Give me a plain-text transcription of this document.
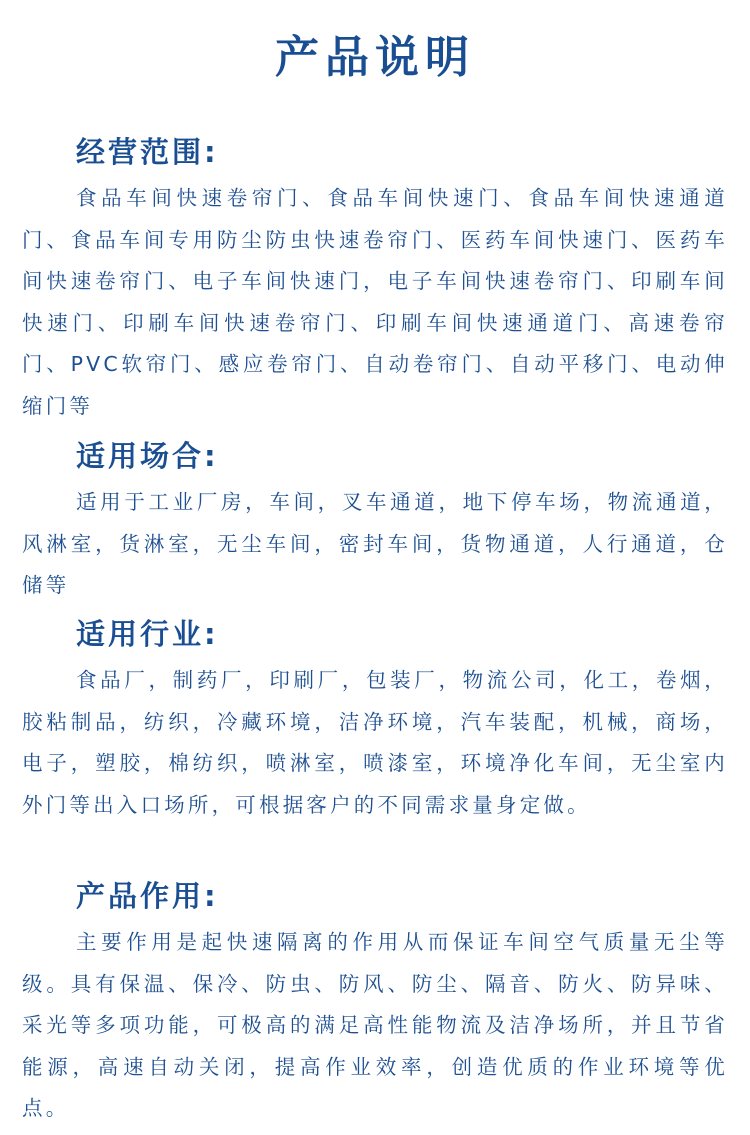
产品说明
经营范围:
食品车间快速卷帘门、食品车间快速门、食品车间快速通道门、食品车间专用防尘防虫快速卷帘门、医药车间快速门、医药车间快速卷帘门、电子车间快速门，电子车间快速卷帘门、印刷车间快速门、印刷车间快速卷帘门、印刷车间快速通道门、高速卷帘门、PVC软帘门、感应卷帘门、自动卷帘门、自动平移门、电动伸缩门等
适用场合:
适用于工业厂房，车间，叉车通道，地下停车场，物流通道，风淋室，货淋室，无尘车间，密封车间，货物通道，人行通道，仓储等
适用行业:
食品厂，制药厂，印刷厂，包装厂，物流公司，化工，卷烟，胶粘制品，纺织，冷藏环境，洁净环境，汽车装配，机械，商场，电子，塑胶，棉纺织，喷淋室，喷漆室，环境净化车间，无尘室内外门等出入口场所，可根据客户的不同需求量身定做。
产品作用:
主要作用是起快速隔离的作用从而保证车间空气质量无尘等级。具有保温、保冷、防虫、防风、防尘、隔音、防火、防异味、采光等多项功能，可极高的满足高性能物流及洁净场所，并且节省能源，高速自动关闭，提高作业效率，创造优质的作业环境等优点。
